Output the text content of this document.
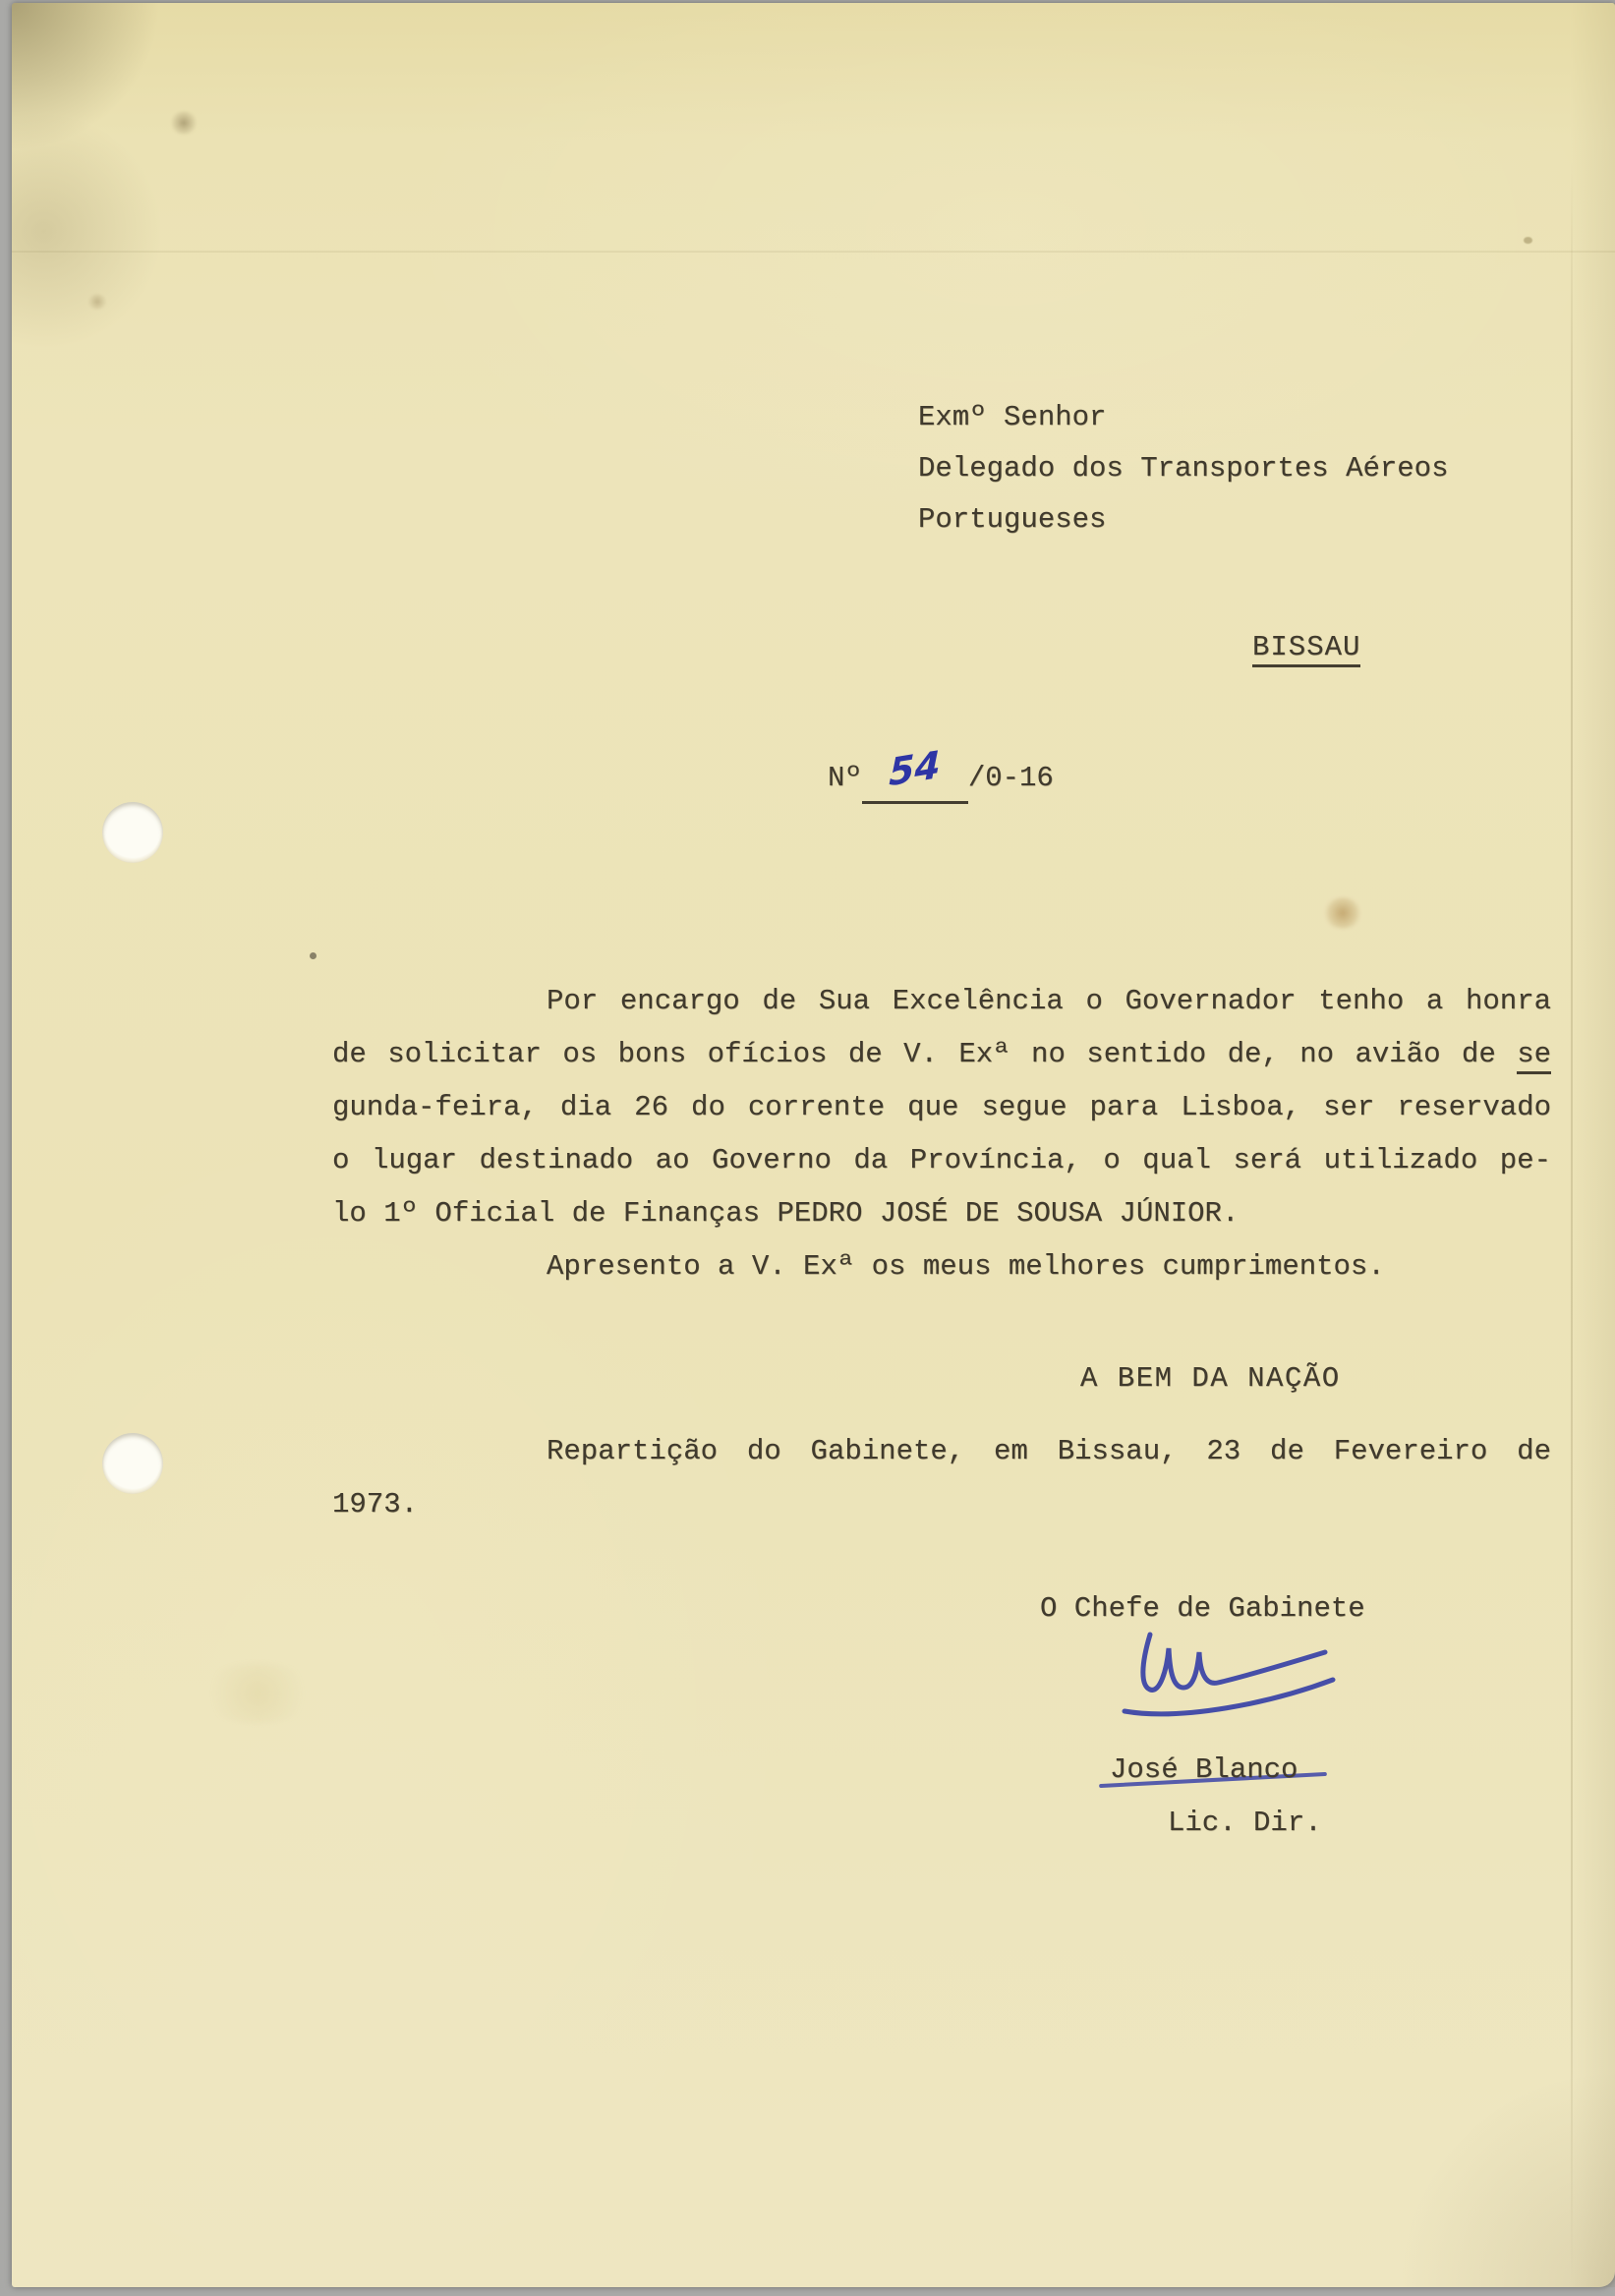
Exmº Senhor
Delegado dos Transportes Aéreos
Portugueses
BISSAU
Nº 54 /0-16
Por encargo de Sua Excelência o Governador tenho a honra
de solicitar os bons ofícios de V. Exª no sentido de, no avião de se
gunda-feira, dia 26 do corrente que segue para Lisboa, ser reservado
o lugar destinado ao Governo da Província, o qual será utilizado pe-
lo 1º Oficial de Finanças PEDRO JOSÉ DE SOUSA JÚNIOR.
Apresento a V. Exª os meus melhores cumprimentos.
A BEM DA NAÇÃO
Repartição do Gabinete, em Bissau, 23 de Fevereiro de
1973.
O Chefe de Gabinete
José Blanco
Lic. Dir.
